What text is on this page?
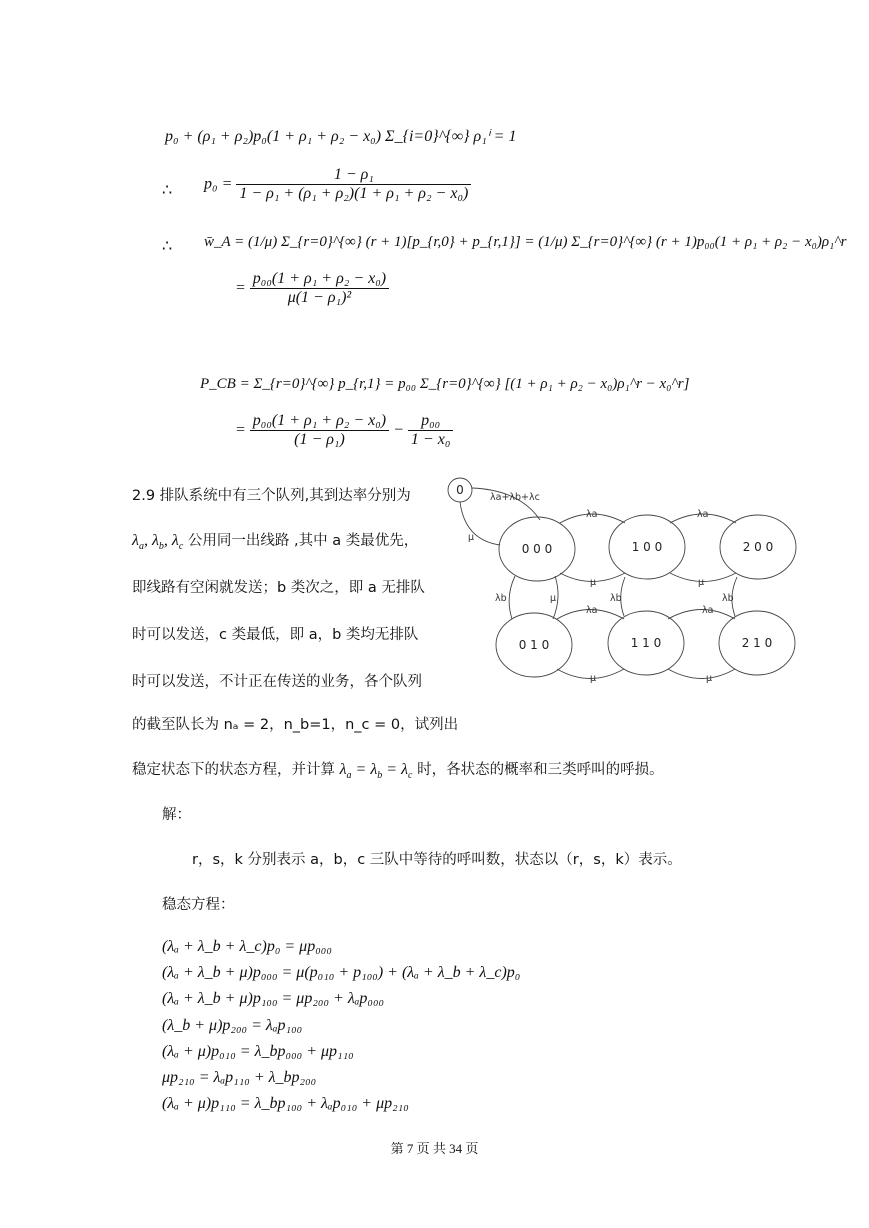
p₀ + (ρ₁ + ρ₂)p₀(1 + ρ₁ + ρ₂ − x₀) Σ_{i=0}^{∞} ρ₁ⁱ = 1
∴ $p_0 = \frac{\text{1 − ρ₁}}{\text{1 − ρ₁ + (ρ₁ + ρ₂)(1 + ρ₁ + ρ₂ − x₀)}}$
∴ w̄_A = (1/μ) Σ_{r=0}^{∞} (r + 1)[p_{r,0} + p_{r,1}] = (1/μ) Σ_{r=0}^{∞} (r + 1)p₀₀(1 + ρ₁ + ρ₂ − x₀)ρ₁^r
= $\frac{\text{p₀₀(1 + ρ₁ + ρ₂ − x₀)}}{\text{μ(1 − ρ₁)²}}$
P_CB = Σ_{r=0}^{∞} p_{r,1} = p₀₀ Σ_{r=0}^{∞} [(1 + ρ₁ + ρ₂ − x₀)ρ₁^r − x₀^r]
= $\frac{\text{p₀₀(1 + ρ₁ + ρ₂ − x₀)}}{\text{(1 − ρ₁)}} - \frac{\text{p₀₀}}{\text{1 − x₀}}$
2.9 排队系统中有三个队列,其到达率分别为
$\lambda_a$, $\lambda_b$, $\lambda_c$ 公用同一出线路 ,其中 a 类最优先，
即线路有空闲就发送；b 类次之，即 a 无排队
时可以发送，c 类最低，即 a，b 类均无排队
时可以发送，不计正在传送的业务，各个队列
的截至队长为 nₐ = 2，n_b=1，n_c = 0，试列出
稳定状态下的状态方程，并计算 $\lambda_a = \lambda_b = \lambda_c$ 时，各状态的概率和三类呼叫的呼损。
λa+λb+λc
μ
λa	λa
μ	μ
λb	μ	λb	λb
λa	λa
μ	μ
0
0 0 0	1 0 0	2 0 0
0 1 0	1 1 0	2 1 0
解：
r，s，k 分别表示 a，b，c 三队中等待的呼叫数，状态以（r，s，k）表示。
稳态方程：
(λₐ + λ_b + λ_c)p₀ = μp₀₀₀
(λₐ + λ_b + μ)p₀₀₀ = μ(p₀₁₀ + p₁₀₀) + (λₐ + λ_b + λ_c)p₀
(λₐ + λ_b + μ)p₁₀₀ = μp₂₀₀ + λₐp₀₀₀
(λ_b + μ)p₂₀₀ = λₐp₁₀₀
(λₐ + μ)p₀₁₀ = λ_bp₀₀₀ + μp₁₁₀
μp₂₁₀ = λₐp₁₁₀ + λ_bp₂₀₀
(λₐ + μ)p₁₁₀ = λ_bp₁₀₀ + λₐp₀₁₀ + μp₂₁₀
第 7 页 共 34 页
